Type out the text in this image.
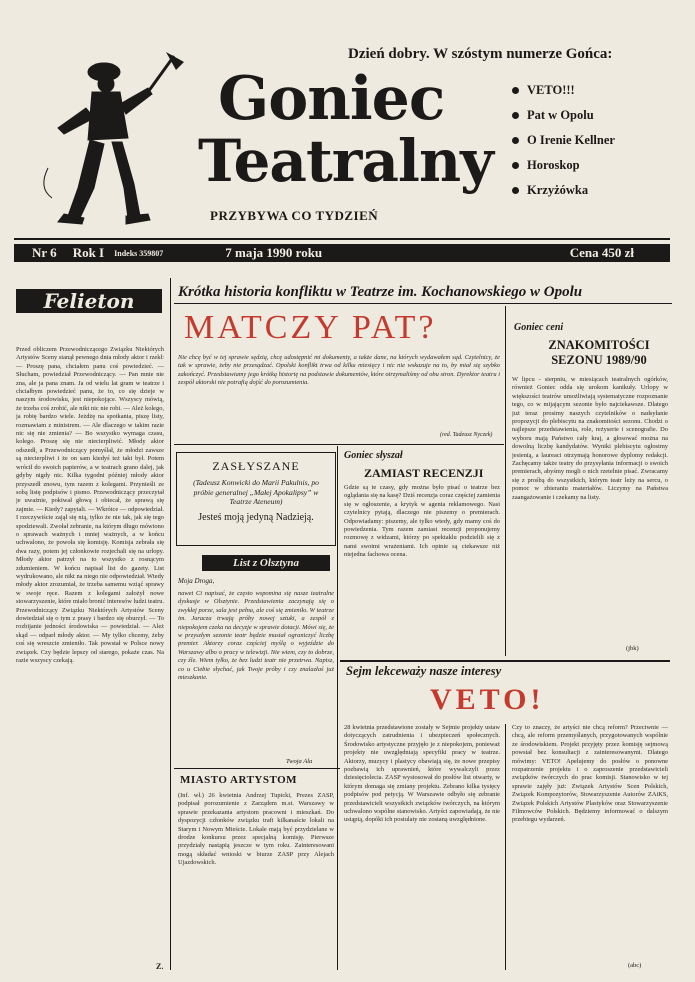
Goniec
Teatralny
PRZYBYWA CO TYDZIEŃ
Dzień dobry. W szóstym numerze Gońca:
VETO!!!
Pat w Opolu
O Irenie Kellner
Horoskop
Krzyżówka
Nr 6 Rok I Indeks 359807	7 maja 1990 roku	Cena 450 zł
Felieton
Przed obliczem Przewodniczącego Związku Niektórych Artystów Sceny stanął pewnego dnia młody aktor i rzekł: — Proszę pana, chciałem panu coś powiedzieć. — Słucham, powiedział Przewodniczący. — Pan mnie nie zna, ale ja pana znam. Ja od wielu lat gram w teatrze i chciałbym powiedzieć panu, że to, co się dzieje w naszym środowisku, jest niepokojące. Wszyscy mówią, że trzeba coś zrobić, ale nikt nic nie robi. — Ależ kolego, ja robię bardzo wiele. Jeżdżę na spotkania, piszę listy, rozmawiam z ministrem. — Ale dlaczego w takim razie nic się nie zmienia? — Bo wszystko wymaga czasu, kolego. Proszę się nie niecierpliwić. Młody aktor odszedł, a Przewodniczący pomyślał, że młodzi zawsze są niecierpliwi i że on sam kiedyś też taki był. Potem wrócił do swoich papierów, a w teatrach grano dalej, jak gdyby nigdy nic. Kilka tygodni później młody aktor przyszedł znowu, tym razem z kolegami. Przynieśli ze sobą listę podpisów i pismo. Przewodniczący przeczytał je uważnie, pokiwał głową i obiecał, że sprawą się zajmie. — Kiedy? zapytali. — Wkrótce — odpowiedział. I rzeczywiście zajął się nią, tylko że nie tak, jak się tego spodziewali. Zwołał zebranie, na którym długo mówiono o sprawach ważnych i mniej ważnych, a w końcu uchwalono, że powoła się komisję. Komisja zebrała się dwa razy, potem jej członkowie rozjechali się na urlopy. Młody aktor patrzył na to wszystko z rosnącym zdumieniem. W końcu napisał list do gazety. List wydrukowano, ale nikt na niego nie odpowiedział. Wtedy młody aktor zrozumiał, że trzeba samemu wziąć sprawy w swoje ręce. Razem z kolegami założył nowe stowarzyszenie, które miało bronić interesów ludzi teatru. Przewodniczący Związku Niektórych Artystów Sceny dowiedział się o tym z prasy i bardzo się oburzył. — To rozbijanie jedności środowiska — powiedział. — Ależ skąd — odparł młody aktor. — My tylko chcemy, żeby coś się wreszcie zmieniło. Tak powstał w Polsce nowy związek. Czy będzie lepszy od starego, pokaże czas. Na razie wszyscy czekają.
Z.
Krótka historia konfliktu w Teatrze im. Kochanowskiego w Opolu
MATCZY PAT?
Nie chcę być w tej sprawie sędzią, chcę udostępnić mi dokumenty, a także dane, na których wydawałem sąd. Czytelnicy, że tak w sprawie, żeby nie przesądzać. Opolski konflikt trwa od kilku miesięcy i nic nie wskazuje na to, by miał się szybko zakończyć. Przedstawiamy jego krótką historię na podstawie dokumentów, które otrzymaliśmy od obu stron. Dyrektor teatru i zespół aktorski nie potrafią dojść do porozumienia.
(red. Tadeusz Nyczek)
ZASŁYSZANE
(Tadeusz Konwicki do Marii Pakulnis, po próbie generalnej „Małej Apokalipsy” w Teatrze Ateneum)
Jesteś moją jedyną Nadzieją.
List z Olsztyna
Moja Droga,
nawet Ci napisać, że często wspomina się nasze teatralne dyskusje w Olsztynie. Przedstawienia zaczynają się o zwykłej porze, sala jest pełna, ale coś się zmieniło. W teatrze im. Jaracza trwają próby nowej sztuki, a zespół z niepokojem czeka na decyzje w sprawie dotacji. Mówi się, że w przyszłym sezonie teatr będzie musiał ograniczyć liczbę premier. Aktorzy coraz częściej myślą o wyjeździe do Warszawy albo o pracy w telewizji. Nie wiem, czy to dobrze, czy źle. Wiem tylko, że bez ludzi teatr nie przetrwa. Napisz, co u Ciebie słychać, jak Twoje próby i czy znalazłaś już mieszkanie.
Twoja Ala
MIASTO ARTYSTOM
(Inf. wł.) 26 kwietnia Andrzej Tupicki, Prezes ZASP, podpisał porozumienie z Zarządem m.st. Warszawy w sprawie przekazania artystom pracowni i mieszkań. Do dyspozycji członków związku trafi kilkanaście lokali na Starym i Nowym Mieście. Lokale mają być przydzielane w drodze konkursu przez specjalną komisję. Pierwsze przydziały nastąpią jeszcze w tym roku. Zainteresowani mogą składać wnioski w biurze ZASP przy Alejach Ujazdowskich.
Goniec słyszał
ZAMIAST RECENZJI
Gdzie są te czasy, gdy można było pisać o teatrze bez oglądania się na kasę? Dziś recenzja coraz częściej zamienia się w ogłoszenie, a krytyk w agenta reklamowego. Nasi czytelnicy pytają, dlaczego nie piszemy o premierach. Odpowiadamy: piszemy, ale tylko wtedy, gdy mamy coś do powiedzenia. Tym razem zamiast recenzji proponujemy rozmowę z widzami, którzy po spektaklu podzielili się z nami swoimi wrażeniami. Ich opinie są ciekawsze niż niejedna fachowa ocena.
Goniec ceni
ZNAKOMITOŚCI SEZONU 1989/90
W lipcu - sierpniu, w miesiącach teatralnych ogórków, również Goniec odda się urokom kanikuły. Urlopy w większości teatrów umożliwiają systematyczne rozpoznanie tego, co w mijającym sezonie było najciekawsze. Dlatego już teraz prosimy naszych czytelników o nadsyłanie propozycji do plebiscytu na znakomitości sezonu. Chodzi o najlepsze przedstawienia, role, reżyserie i scenografie. Do wyboru mają Państwo cały kraj, a głosować można na dowolną liczbę kandydatów. Wyniki plebiscytu ogłosimy jesienią, a laureaci otrzymają honorowe dyplomy redakcji. Zachęcamy także teatry do przysyłania informacji o swoich premierach, abyśmy mogli o nich rzetelnie pisać. Zwracamy się z prośbą do wszystkich, którym teatr leży na sercu, o pomoc w zbieraniu materiałów. Liczymy na Państwa zaangażowanie i czekamy na listy.
(jbk)
Sejm lekceważy nasze interesy
VETO!
28 kwietnia przedstawione zostały w Sejmie projekty ustaw dotyczących zatrudnienia i ubezpieczeń społecznych. Środowisko artystyczne przyjęło je z niepokojem, ponieważ projekty nie uwzględniają specyfiki pracy w teatrze. Aktorzy, muzycy i plastycy obawiają się, że nowe przepisy pozbawią ich uprawnień, które wywalczyli przez dziesięciolecia. ZASP wystosował do posłów list otwarty, w którym domaga się zmiany projektu. Zebrano kilka tysięcy podpisów pod petycją. W Warszawie odbyło się zebranie przedstawicieli wszystkich związków twórczych, na którym uchwalono wspólne stanowisko. Artyści zapowiadają, że nie ustąpią, dopóki ich postulaty nie zostaną uwzględnione.
Czy to znaczy, że artyści nie chcą reform? Przeciwnie — chcą, ale reform przemyślanych, przygotowanych wspólnie ze środowiskiem. Projekt przyjęty przez komisję sejmową powstał bez konsultacji z zainteresowanymi. Dlatego mówimy: VETO! Apelujemy do posłów o ponowne rozpatrzenie projektu i o zaproszenie przedstawicieli związków twórczych do prac komisji. Stanowisko w tej sprawie zajęły już: Związek Artystów Scen Polskich, Związek Kompozytorów, Stowarzyszenie Autorów ZAiKS, Związek Polskich Artystów Plastyków oraz Stowarzyszenie Filmowców Polskich. Będziemy informować o dalszym przebiegu wydarzeń.
(abc)
